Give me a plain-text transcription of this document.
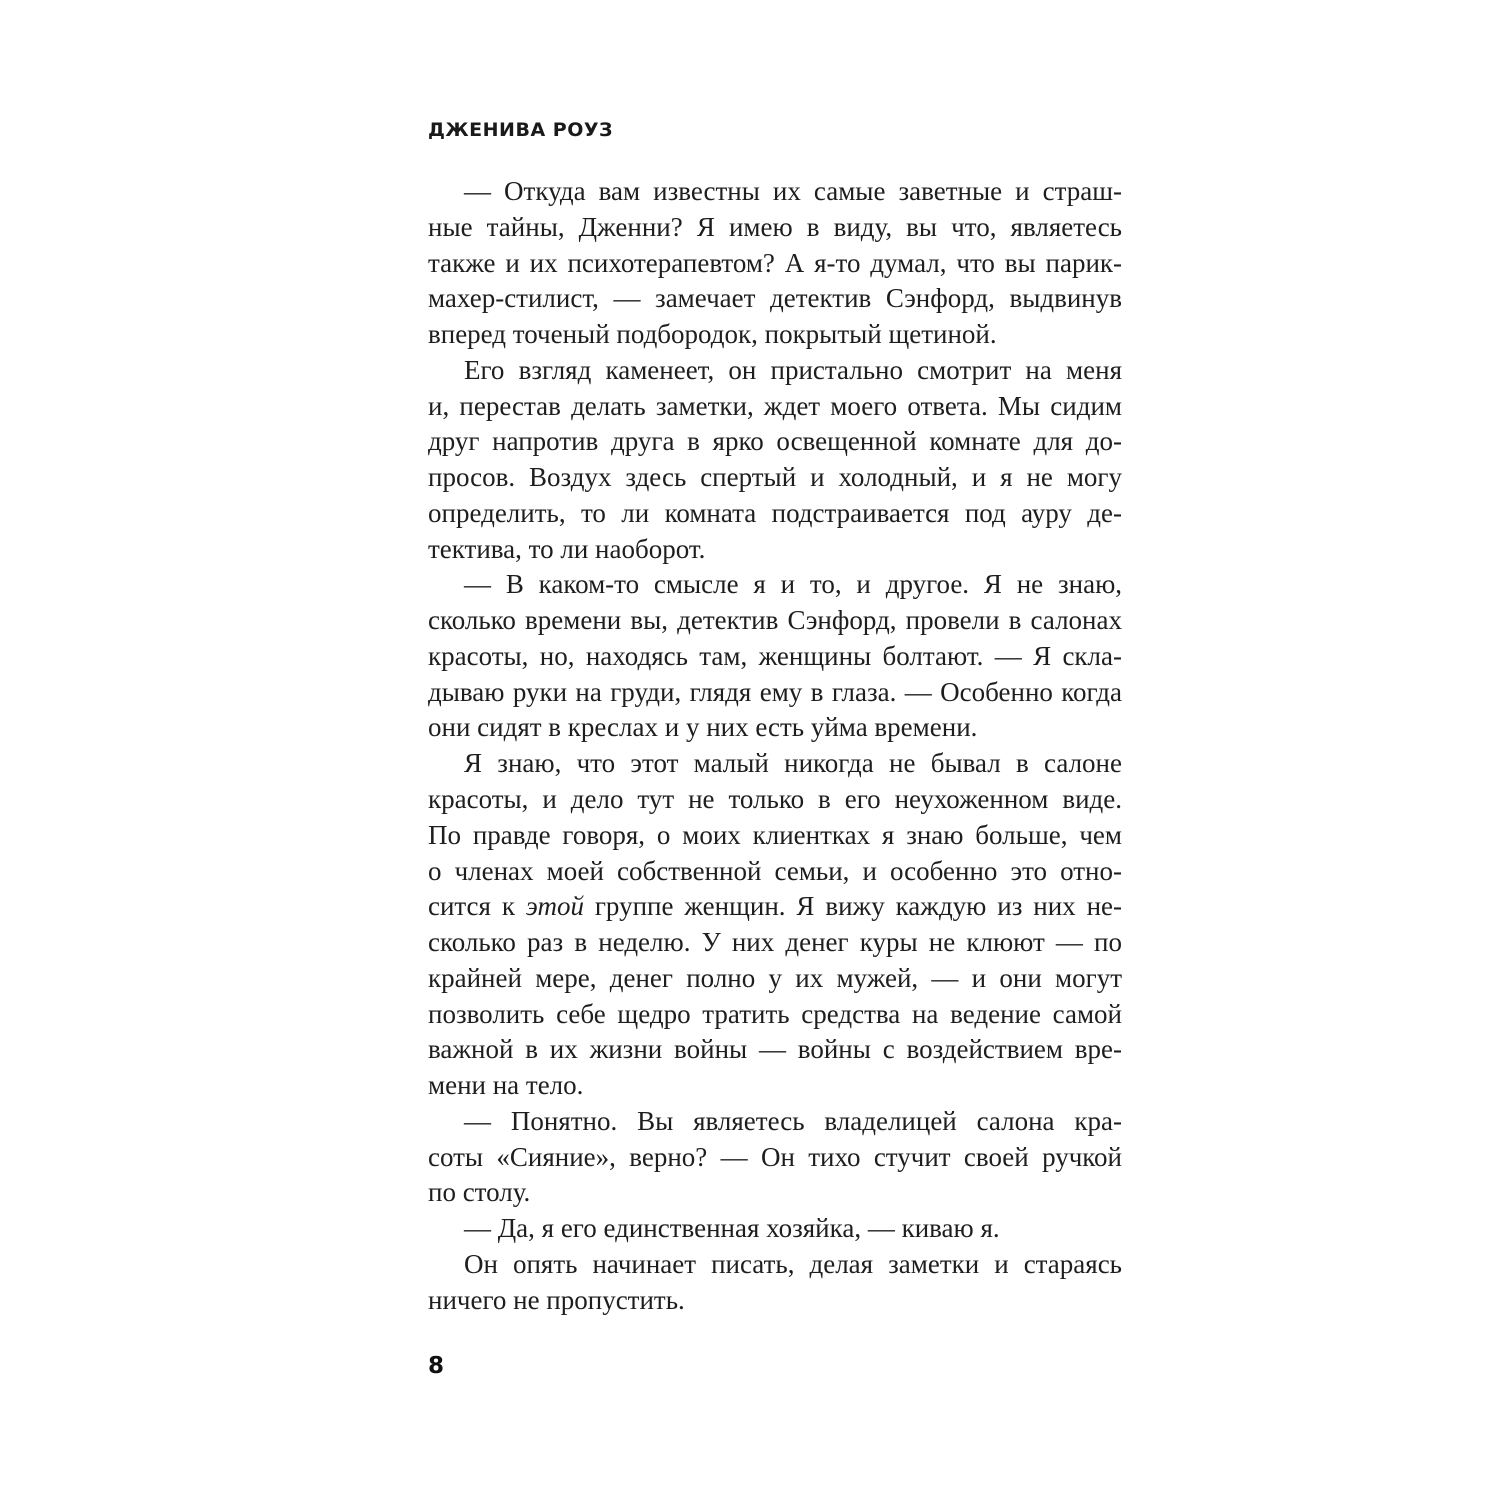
ДЖЕНИВА РОУЗ
— Откуда вам известны их самые заветные и страш-
ные тайны, Дженни? Я имею в виду, вы что, являетесь
также и их психотерапевтом? А я-то думал, что вы парик-
махер-стилист, — замечает детектив Сэнфорд, выдвинув
вперед точеный подбородок, покрытый щетиной.
Его взгляд каменеет, он пристально смотрит на меня
и, перестав делать заметки, ждет моего ответа. Мы сидим
друг напротив друга в ярко освещенной комнате для до-
просов. Воздух здесь спертый и холодный, и я не могу
определить, то ли комната подстраивается под ауру де-
тектива, то ли наоборот.
— В каком-то смысле я и то, и другое. Я не знаю,
сколько времени вы, детектив Сэнфорд, провели в салонах
красоты, но, находясь там, женщины болтают. — Я скла-
дываю руки на груди, глядя ему в глаза. — Особенно когда
они сидят в креслах и у них есть уйма времени.
Я знаю, что этот малый никогда не бывал в салоне
красоты, и дело тут не только в его неухоженном виде.
По правде говоря, о моих клиентках я знаю больше, чем
о членах моей собственной семьи, и особенно это отно-
сится к этой группе женщин. Я вижу каждую из них не-
сколько раз в неделю. У них денег куры не клюют — по
крайней мере, денег полно у их мужей, — и они могут
позволить себе щедро тратить средства на ведение самой
важной в их жизни войны — войны с воздействием вре-
мени на тело.
— Понятно. Вы являетесь владелицей салона кра-
соты «Сияние», верно? — Он тихо стучит своей ручкой
по столу.
— Да, я его единственная хозяйка, — киваю я.
Он опять начинает писать, делая заметки и стараясь
ничего не пропустить.
8
